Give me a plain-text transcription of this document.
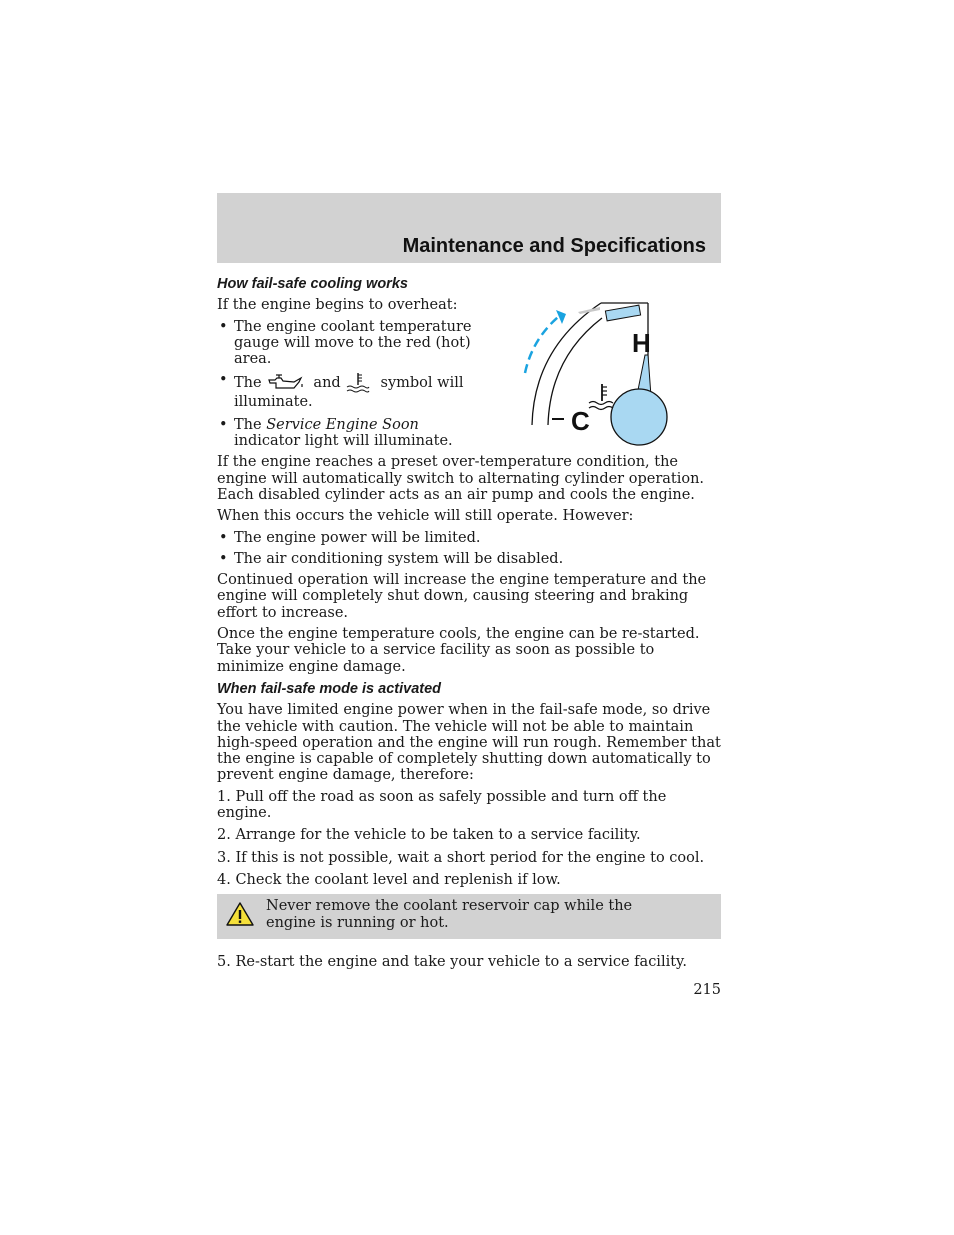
Maintenance and Specifications
How fail-safe cooling works

If the engine begins to overheat:

• The engine coolant temperature gauge will move to the red (hot) area.
• The	and	symbol will illuminate.
• The Service Engine Soon indicator light will illuminate.

If the engine reaches a preset over-temperature condition, the engine will automatically switch to alternating cylinder operation. Each disabled cylinder acts as an air pump and cools the engine.

When this occurs the vehicle will still operate. However:

• The engine power will be limited.
• The air conditioning system will be disabled.

Continued operation will increase the engine temperature and the engine will completely shut down, causing steering and braking effort to increase.

Once the engine temperature cools, the engine can be re-started. Take your vehicle to a service facility as soon as possible to minimize engine damage.

When fail-safe mode is activated

You have limited engine power when in the fail-safe mode, so drive the vehicle with caution. The vehicle will not be able to maintain high-speed operation and the engine will run rough. Remember that the engine is capable of completely shutting down automatically to prevent engine damage, therefore:

1. Pull off the road as soon as safely possible and turn off the engine.
2. Arrange for the vehicle to be taken to a service facility.
3. If this is not possible, wait a short period for the engine to cool.
4. Check the coolant level and replenish if low.
Never remove the coolant reservoir cap while the engine is running or hot.
5. Re-start the engine and take your vehicle to a service facility.
H
C
215
